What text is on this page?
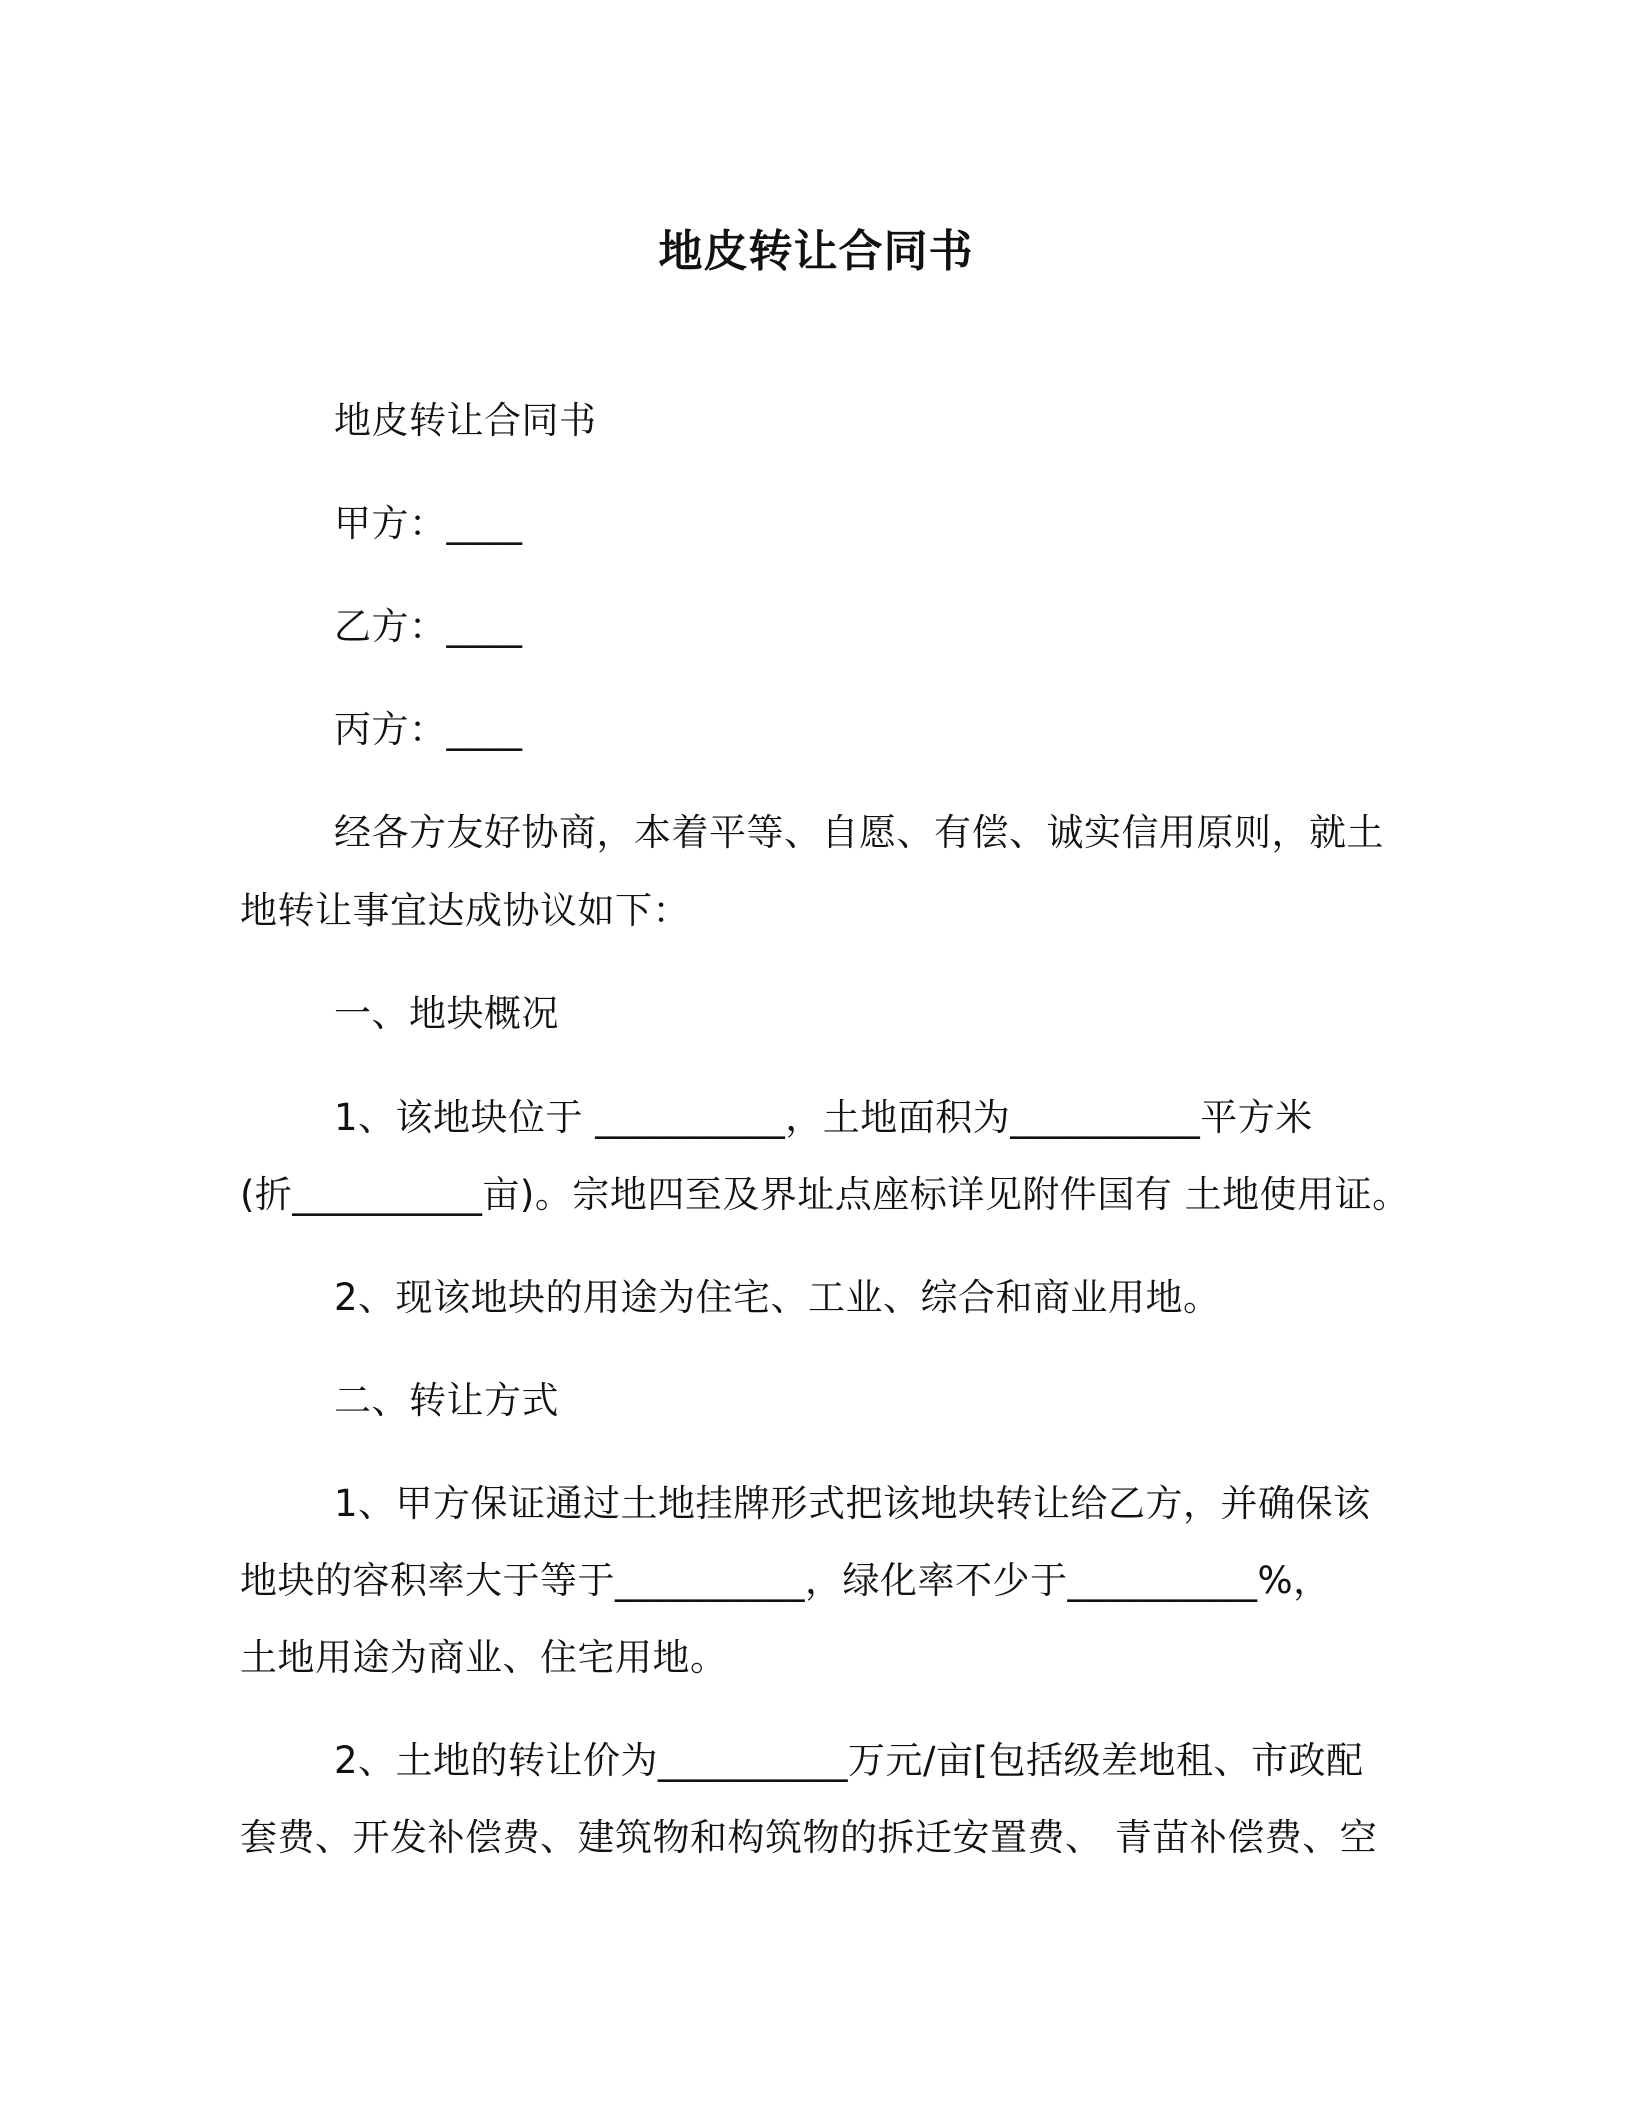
地皮转让合同书
地皮转让合同书
甲方：____
乙方：____
丙方：____
经各方友好协商，本着平等、自愿、有偿、诚实信用原则，就土
地转让事宜达成协议如下：
一、地块概况
1、该地块位于 __________，土地面积为__________平方米
(折__________亩)。宗地四至及界址点座标详见附件国有 土地使用证。
2、现该地块的用途为住宅、工业、综合和商业用地。
二、转让方式
1、甲方保证通过土地挂牌形式把该地块转让给乙方，并确保该
地块的容积率大于等于__________，绿化率不少于__________%，
土地用途为商业、住宅用地。
2、土地的转让价为__________万元/亩[包括级差地租、市政配
套费、开发补偿费、建筑物和构筑物的拆迁安置费、 青苗补偿费、空
